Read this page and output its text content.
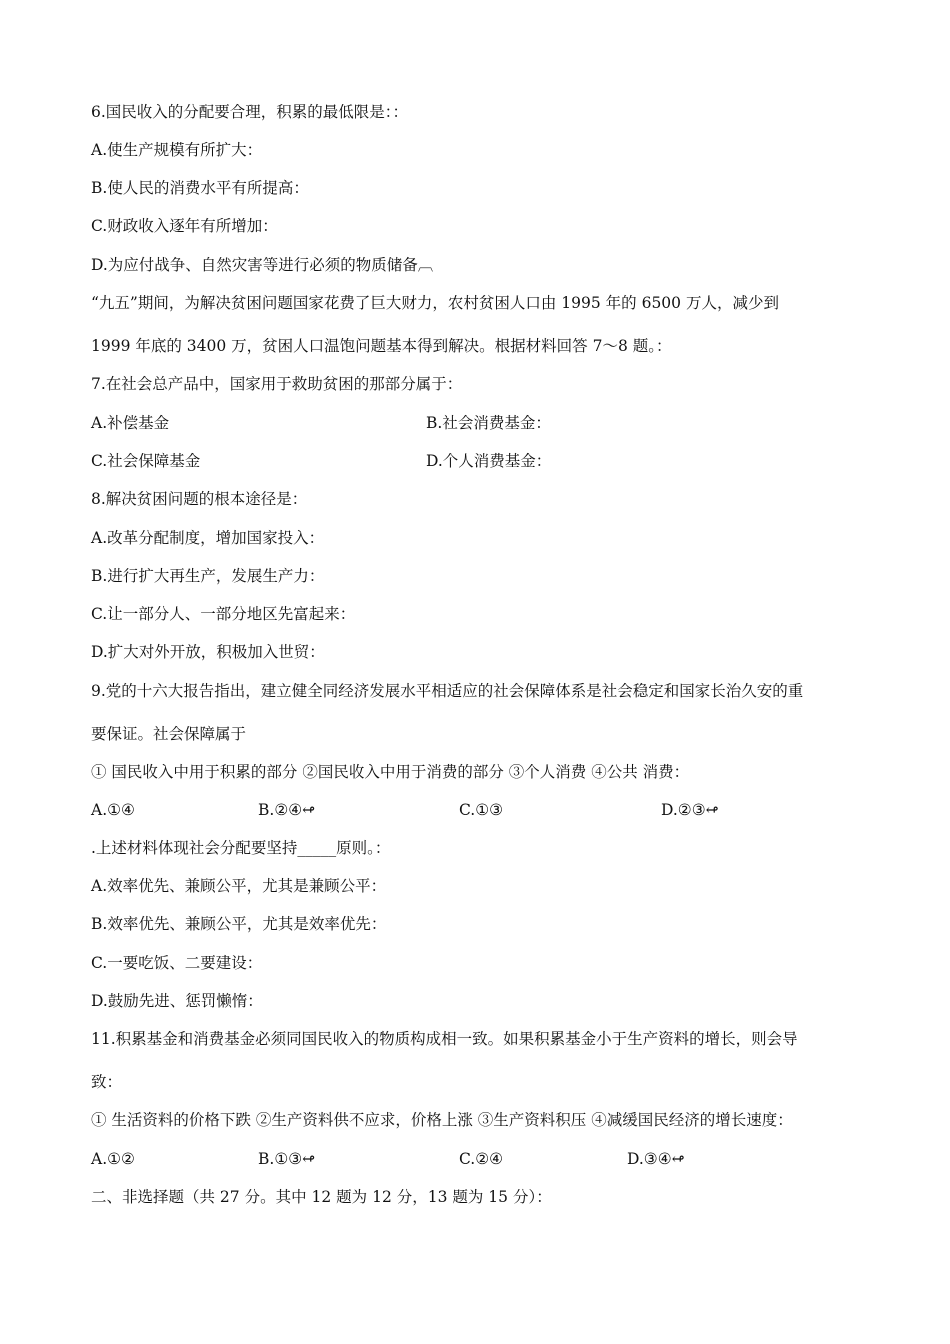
6.国民收入的分配要合理，积累的最低限是：：
A.使生产规模有所扩大：
B.使人民的消费水平有所提高：
C.财政收入逐年有所增加：
D.为应付战争、自然灾害等进行必须的物质储备︹
“九五”期间，为解决贫困问题国家花费了巨大财力，农村贫困人口由 1995 年的 6500 万人，减少到
1999 年底的 3400 万，贫困人口温饱问题基本得到解决。根据材料回答 7～8 题。：
7.在社会总产品中，国家用于救助贫困的那部分属于：
A.补偿基金	B.社会消费基金：
C.社会保障基金	D.个人消费基金：
8.解决贫困问题的根本途径是：
A.改革分配制度，增加国家投入：
B.进行扩大再生产，发展生产力：
C.让一部分人、一部分地区先富起来：
D.扩大对外开放，积极加入世贸：
9.党的十六大报告指出，建立健全同经济发展水平相适应的社会保障体系是社会稳定和国家长治久安的重
要保证。社会保障属于
① 国民收入中用于积累的部分 ②国民收入中用于消费的部分 ③个人消费 ④公共 消费：
A.①④	B.②④↫	C.①③	D.②③↫
.上述材料体现社会分配要坚持_____原则。：
A.效率优先、兼顾公平，尤其是兼顾公平：
B.效率优先、兼顾公平，尤其是效率优先：
C.一要吃饭、二要建设：
D.鼓励先进、惩罚懒惰：
11.积累基金和消费基金必须同国民收入的物质构成相一致。如果积累基金小于生产资料的增长，则会导
致：
① 生活资料的价格下跌 ②生产资料供不应求，价格上涨 ③生产资料积压 ④减缓国民经济的增长速度：
A.①②	B.①③↫	C.②④	D.③④↫
二、非选择题（共 27 分。其中 12 题为 12 分，13 题为 15 分）：
